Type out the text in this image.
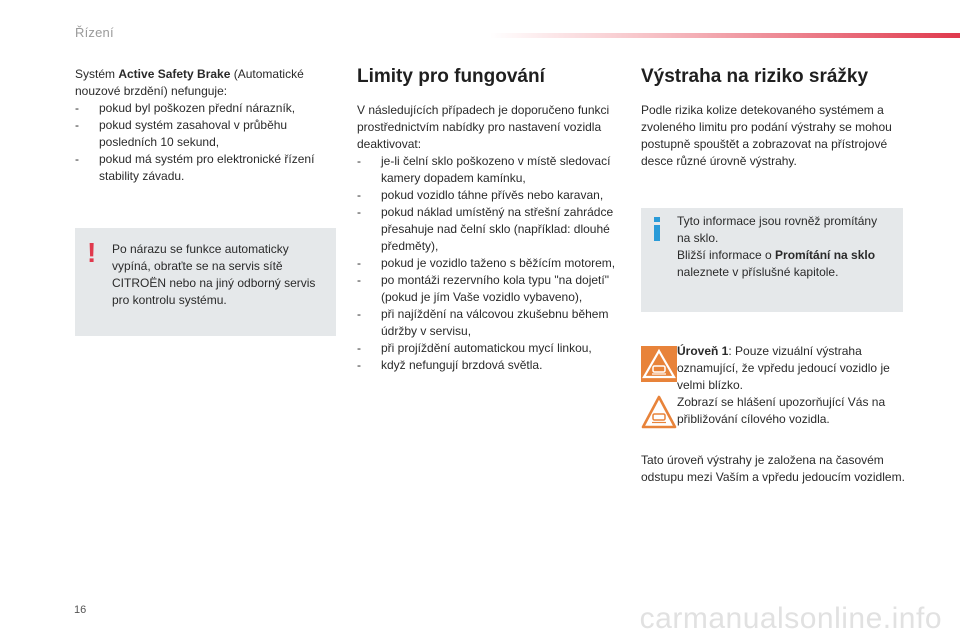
Řízení

Systém Active Safety Brake (Automatické nouzové brzdění) nefunguje:

- pokud byl poškozen přední nárazník,
- pokud systém zasahoval v průběhu posledních 10 sekund,
- pokud má systém pro elektronické řízení stability závadu.
! Po nárazu se funkce automaticky vypíná, obraťte se na servis sítě CITROËN nebo na jiný odborný servis pro kontrolu systému.
Limity pro fungování

V následujících případech je doporučeno funkci prostřednictvím nabídky pro nastavení vozidla deaktivovat:

- je-li čelní sklo poškozeno v místě sledovací kamery dopadem kamínku,
- pokud vozidlo táhne přívěs nebo karavan,
- pokud náklad umístěný na střešní zahrádce přesahuje nad čelní sklo (například: dlouhé předměty),
- pokud je vozidlo taženo s běžícím motorem,
- po montáži rezervního kola typu "na dojetí" (pokud je jím Vaše vozidlo vybaveno),
- při najíždění na válcovou zkušebnu během údržby v servisu,
- při projíždění automatickou mycí linkou,
- když nefungují brzdová světla.
Výstraha na riziko srážky

Podle rizika kolize detekovaného systémem a zvoleného limitu pro podání výstrahy se mohou postupně spouštět a zobrazovat na přístrojové desce různé úrovně výstrahy.

Tyto informace jsou rovněž promítány na sklo.
Bližší informace o Promítání na sklo naleznete v příslušné kapitole.

Úroveň 1: Pouze vizuální výstraha oznamující, že vpředu jedoucí vozidlo je velmi blízko.
Zobrazí se hlášení upozorňující Vás na přibližování cílového vozidla.
Tato úroveň výstrahy je založena na časovém odstupu mezi Vaším a vpředu jedoucím vozidlem.
16	carmanualsonline.info
